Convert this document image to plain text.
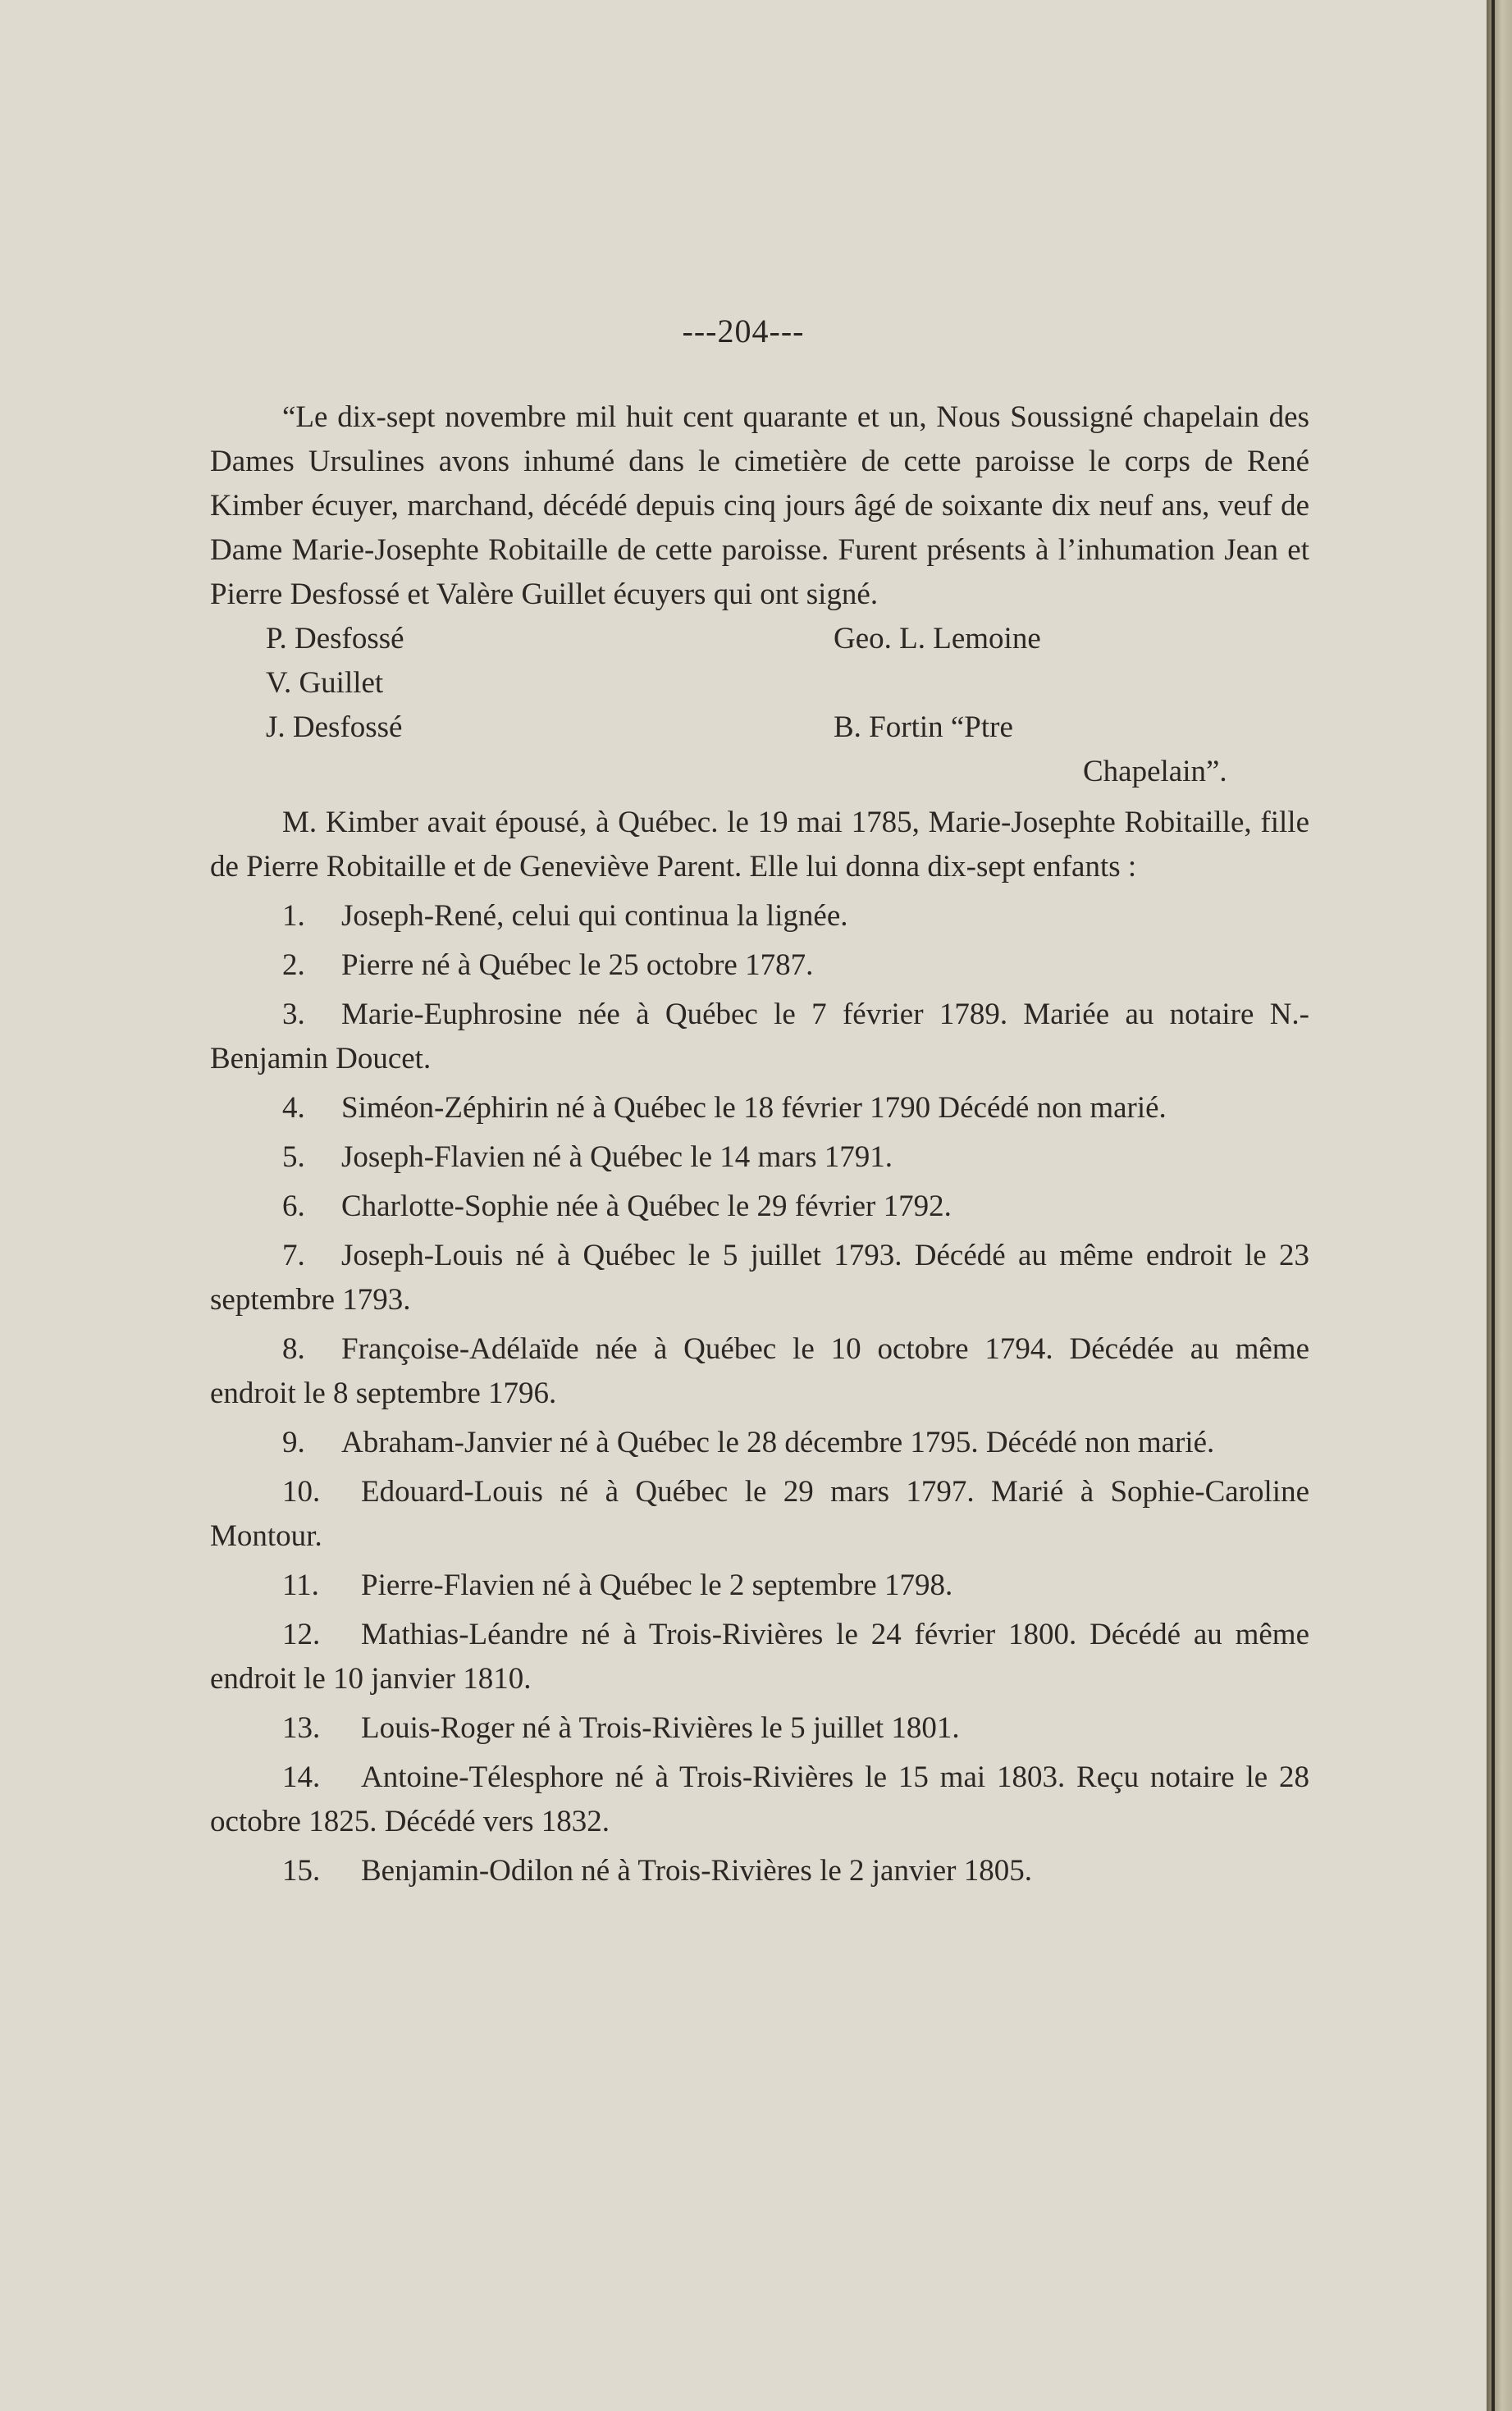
---204---

“Le dix-sept novembre mil huit cent quarante et un, Nous Soussigné chapelain des Dames Ursulines avons inhumé dans le cimetière de cette paroisse le corps de René Kimber écuyer, marchand, décédé depuis cinq jours âgé de soixante dix neuf ans, veuf de Dame Marie-Josephte Robitaille de cette paroisse. Furent présents à l’inhumation Jean et Pierre Desfossé et Valère Guillet écuyers qui ont signé.

P. Desfossé	Geo. L. Lemoine
V. Guillet
J. Desfossé	B. Fortin “Ptre
Chapelain”.

M. Kimber avait épousé, à Québec. le 19 mai 1785, Marie-Josephte Robitaille, fille de Pierre Robitaille et de Geneviève Parent. Elle lui donna dix-sept enfants :

1. Joseph-René, celui qui continua la lignée.

2. Pierre né à Québec le 25 octobre 1787.

3. Marie-Euphrosine née à Québec le 7 février 1789. Mariée au notaire N.-Benjamin Doucet.

4. Siméon-Zéphirin né à Québec le 18 février 1790 Décédé non marié.

5. Joseph-Flavien né à Québec le 14 mars 1791.

6. Charlotte-Sophie née à Québec le 29 février 1792.

7. Joseph-Louis né à Québec le 5 juillet 1793. Décédé au même endroit le 23 septembre 1793.

8. Françoise-Adélaïde née à Québec le 10 octobre 1794. Décédée au même endroit le 8 septembre 1796.

9. Abraham-Janvier né à Québec le 28 décembre 1795. Décédé non marié.

10. Edouard-Louis né à Québec le 29 mars 1797. Marié à Sophie-Caroline Montour.

11. Pierre-Flavien né à Québec le 2 septembre 1798.

12. Mathias-Léandre né à Trois-Rivières le 24 février 1800. Décédé au même endroit le 10 janvier 1810.

13. Louis-Roger né à Trois-Rivières le 5 juillet 1801.

14. Antoine-Télesphore né à Trois-Rivières le 15 mai 1803. Reçu notaire le 28 octobre 1825. Décédé vers 1832.

15. Benjamin-Odilon né à Trois-Rivières le 2 janvier 1805.
